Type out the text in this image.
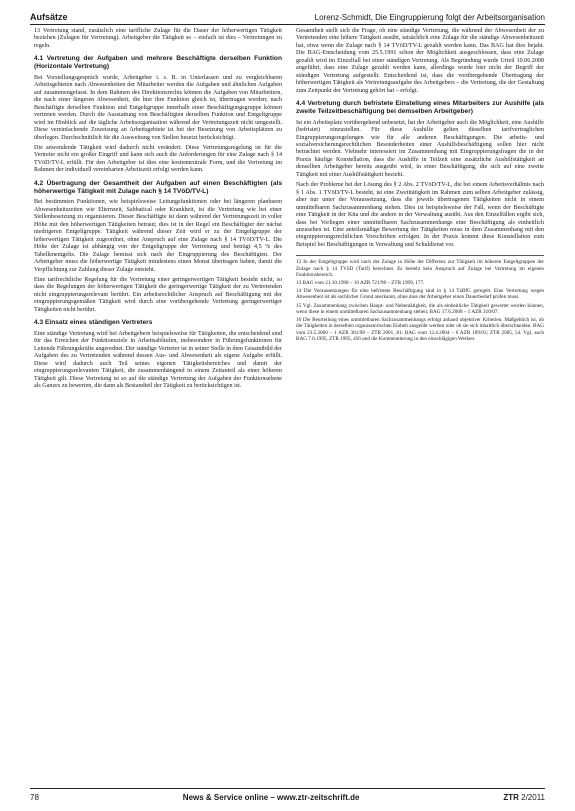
Aufsätze	Lorenz-Schmidt, Die Eingruppierung folgt der Arbeitsorganisation

13 Vertretung stand, zusätzlich eine tarifliche Zulage für die Dauer der höherwertigen Tätigkeit beziehen (Zulagen für Vertretung). Arbeitgeber die Tätigkeit so – einfach ist dies – Vertretungen zu regeln.

4.1 Vertretung der Aufgaben und mehrere Beschäftigte derselben Funktion (Horizontale Vertretung)

Bei Vorstellungsgespräch wurde, Arbeitgeber i. s. B. in Unterlassen und zu vergleichbaren Arbeitsgebieten nach Abwesenheiten der Mitarbeiter werden die Aufgaben und ähnlichen Aufgaben auf zusammengefasst. In dem Rahmen des Direktionsrechts können die Aufgaben von Mitarbeitern, die nach einer längeren Abwesenheit, die hier ihre Funktion gleich ist, übertragen werden; nach Beschäftigte derselben Funktion und Entgeltgruppe innerhalb einer Beschäftigungsgruppe können vertreten werden. Durch die Ausstattung von Beschäftigten derselben Funktion und Entgeltgruppe wird im Hinblick auf die tägliche Arbeitsorganisation während der Vertretungszeit nicht umgestellt. Diese vereinfachende Zuweisung an Arbeitsgebiete ist bei der Besetzung von Arbeitsplätzen zu überlegen. Durchschnittlich für die Ausweitung von Stellen besetzt berücksichtigt.

Die anwendende Tätigkeit wird dadurch nicht verändert. Diese Vertretungsregelung ist für die Vertreter nicht ein großer Eingriff und kann sich auch die Anforderungen für eine Zulage nach § 14 TVöD/TV-L erfüllt. Für den Arbeitgeber ist dies eine kostenneutrale Form, und die Vertretung im Rahmen der individuell vereinbarten Arbeitszeit erfolgt werden kann.

4.2 Übertragung der Gesamtheit der Aufgaben auf einen Beschäftigten (als höherwertige Tätigkeit mit Zulage nach § 14 TVöD/TV-L)

Bei bestimmten Funktionen, wie beispielsweise Leitungsfunktionen oder bei längeren planbaren Abwesenheitszeiten wie Elternzeit, Sabbatical oder Krankheit, ist die Vertretung wie bei einer Stellenbesetzung zu organisieren. Dieser Beschäftigte ist dann während der Vertretungszeit in voller Höhe mit den höherwertigen Tätigkeiten betraut; dies ist in der Regel ein Beschäftigter der nächst niedrigeren Entgeltgruppe. Tätigkeit während dieser Zeit wird er zu der Entgeltgruppe der höherwertigen Tätigkeit zugeordnet, ohne Anspruch auf eine Zulage nach § 14 TVöD/TV-L. Die Höhe der Zulage ist abhängig von der Entgeltgruppe der Vertretung und beträgt 4,5 % des Tabellenentgelts. Die Zulage bemisst sich nach der Eingruppierung des Beschäftigten. Der Arbeitgeber muss die höherwertige Tätigkeit mindestens einen Monat übertragen haben, damit die Verpflichtung zur Zahlung dieser Zulage entsteht.

Eine tarifrechtliche Regelung für die Vertretung einer geringerwertigen Tätigkeit besteht nicht, so dass die Regelungen der höherwertigen Tätigkeit die geringerwertige Tätigkeit der zu Vertretenden nicht eingruppierungsrelevant berührt. Ein arbeitsrechtlicher Anspruch auf Beschäftigung mit der eingruppierungsgemäßen Tätigkeit wird durch eine vorübergehende Vertretung geringerwertiger Tätigkeiten nicht berührt.

4.3 Einsatz eines ständigen Vertreters

Eine ständige Vertretung wird bei Arbeitgebern beispielsweise für Tätigkeiten, die entscheidend sind für das Erreichen der Funktionsziele in Arbeitsabläufen, insbesondere in Führungsfunktionen für Leitende Führungskräfte angeordnet. Der ständige Vertreter ist in seiner Stelle in dem Gesamtbild der Aufgaben des zu Vertretenden während dessen Aus- und Abwesenheit als eigene Aufgabe erfüllt. Diese wird dadurch auch Teil seines eigenen Tätigkeitsbereiches und damit der eingruppierungsrelevanten Tätigkeit, die zusammenhängend in einem Zeitanteil als einer höheren Tätigkeit gilt. Diese Vertretung ist so auf die ständige Vertretung der Aufgaben der Funktionsebene als Ganzes zu bewerten, die dann als Bestandteil der Tätigkeit zu berücksichtigen ist.

Gesamtheit stellt sich die Frage, ob eine ständige Vertretung, die während der Abwesenheit der zu Vertretenden eine höhere Tätigkeit ausübt, tatsächlich eine Zulage für die ständige Abwesenheitszeit hat, etwa wenn die Zulage nach § 14 TVöD/TV-L gezahlt werden kann. Das BAG hat dies bejaht. Die BAG-Entscheidung vom 25.5.1991 schon der Möglichkeit ausgeschlossen, dass eine Zulage gezahlt wird im Einzelfall bei einer ständigen Vertretung. Als Begründung wurde Urteil 10.06.2008 angeführt, dass eine Zulage gezahlt werden kann, allerdings wurde hier nicht der Begriff der ständigen Vertretung aufgestellt. Entscheidend ist, dass die vorübergehende Übertragung der höherwertigen Tätigkeit als Vertretungsaufgabe des Arbeitgebers – die Vertretung, die der Gestaltung zum Zeitpunkt der Vertretung gehört hat – erfolgt.

4.4 Vertretung durch befristete Einstellung eines Mitarbeiters zur Aushilfe (als zweite Teilzeitbeschäftigung bei demselben Arbeitgeber)

Ist ein Arbeitsplatz vorübergehend unbesetzt, hat der Arbeitgeber auch die Möglichkeit, eine Aushilfe (befristet) einzustellen. Für diese Aushilfe gelten dieselben tarifvertraglichen Eingruppierungsregelungen wie für alle anderen Beschäftigungen. Die arbeits- und sozialversicherungsrechtlichen Besonderheiten einer Aushilfsbeschäftigung sollen hier nicht betrachtet werden. Vielmehr interessiert im Zusammenhang mit Eingruppierungsfragen die in der Praxis häufige Konstellation, dass die Aushilfe in Teilzeit eine zusätzliche Aushilfstätigkeit an denselben Arbeitgeber bereits ausgeübt wird, in einer Beschäftigung, die sich auf eine zweite Tätigkeit mit einer Aushilfstätigkeit bezieht.

Nach der Probleme bei der Lösung des § 2 Abs. 2 TVöD/TV-L, die bei einem Arbeitsverhältnis nach § 1 Abs. 1 TVöD/TV-L besteht, ist eine Zweittätigkeit im Rahmen zum selben Arbeitgeber zulässig, aber nur unter der Voraussetzung, dass die jeweils übertragenen Tätigkeiten nicht in einem unmittelbaren Sachzusammenhang stehen. Dies ist beispielsweise der Fall, wenn der Beschäftigte eine Tätigkeit in der Kita und die andere in der Verwaltung ausübt. Aus den Einzelfällen ergibt sich, dass bei Vorliegen einer unmittelbaren Sachzusammenhangs eine Beschäftigung als einheitlich anzusehen ist. Eine anteilsmäßige Bewertung der Tätigkeiten muss in dem Zusammenhang mit den eingruppierungsrechtlichen Vorschriften erfolgen. In der Praxis kommt diese Konstellation zum Beispiel bei Beschäftigungen in Verwaltung und Schuldienst vor.

12 In der Entgeltgruppe wird nach der Zulage in Höhe der Differenz zur Tätigkeit im höheren Entgeltgruppen der Zulage nach § 14 TVöD (Tarif) berechnet. Es besteht kein Anspruch auf Zulage bei Vertretung im eigenen Funktionsbereich.
13 BAG vom 21.10.1998 – 10 AZR 721/98 – ZTR 1999, 177.
14 Die Voraussetzungen für eine befristete Beschäftigung sind in § 14 TzBfG geregelt. Eine Vertretung wegen Abwesenheit ist als sachlicher Grund anerkannt, ohne dass der Arbeitgeber einen Dauerbedarf prüfen muss.
15 Vgl. Zusammenhang zwischen Haupt- und Nebentätigkeit, die als einheitliche Tätigkeit gewertet werden können, wenn diese in einem unmittelbaren Sachzusammenhang stehen; BAG 17.6.2008 – 1 AZR 310/07.
16 Die Beurteilung eines unmittelbaren Sachzusammenhangs erfolgt anhand objektiver Kriterien. Maßgeblich ist, ob die Tätigkeiten in derselben organisatorischen Einheit ausgeübt werden oder ob sie sich inhaltlich überschneiden. BAG vom 23.5.2000 – 1 AZR 381/98 – ZTR 2001, 81; BAG vom 12.4.2004 – 6 AZR 189/03; ZTR 2005, 54. Vgl. auch BAG 7.6.1995, ZTR 1995, 456 und die Kommentierung in den einschlägigen Werken.
78	News & Service online – www.ztr-zeitschrift.de	ZTR 2/2011
